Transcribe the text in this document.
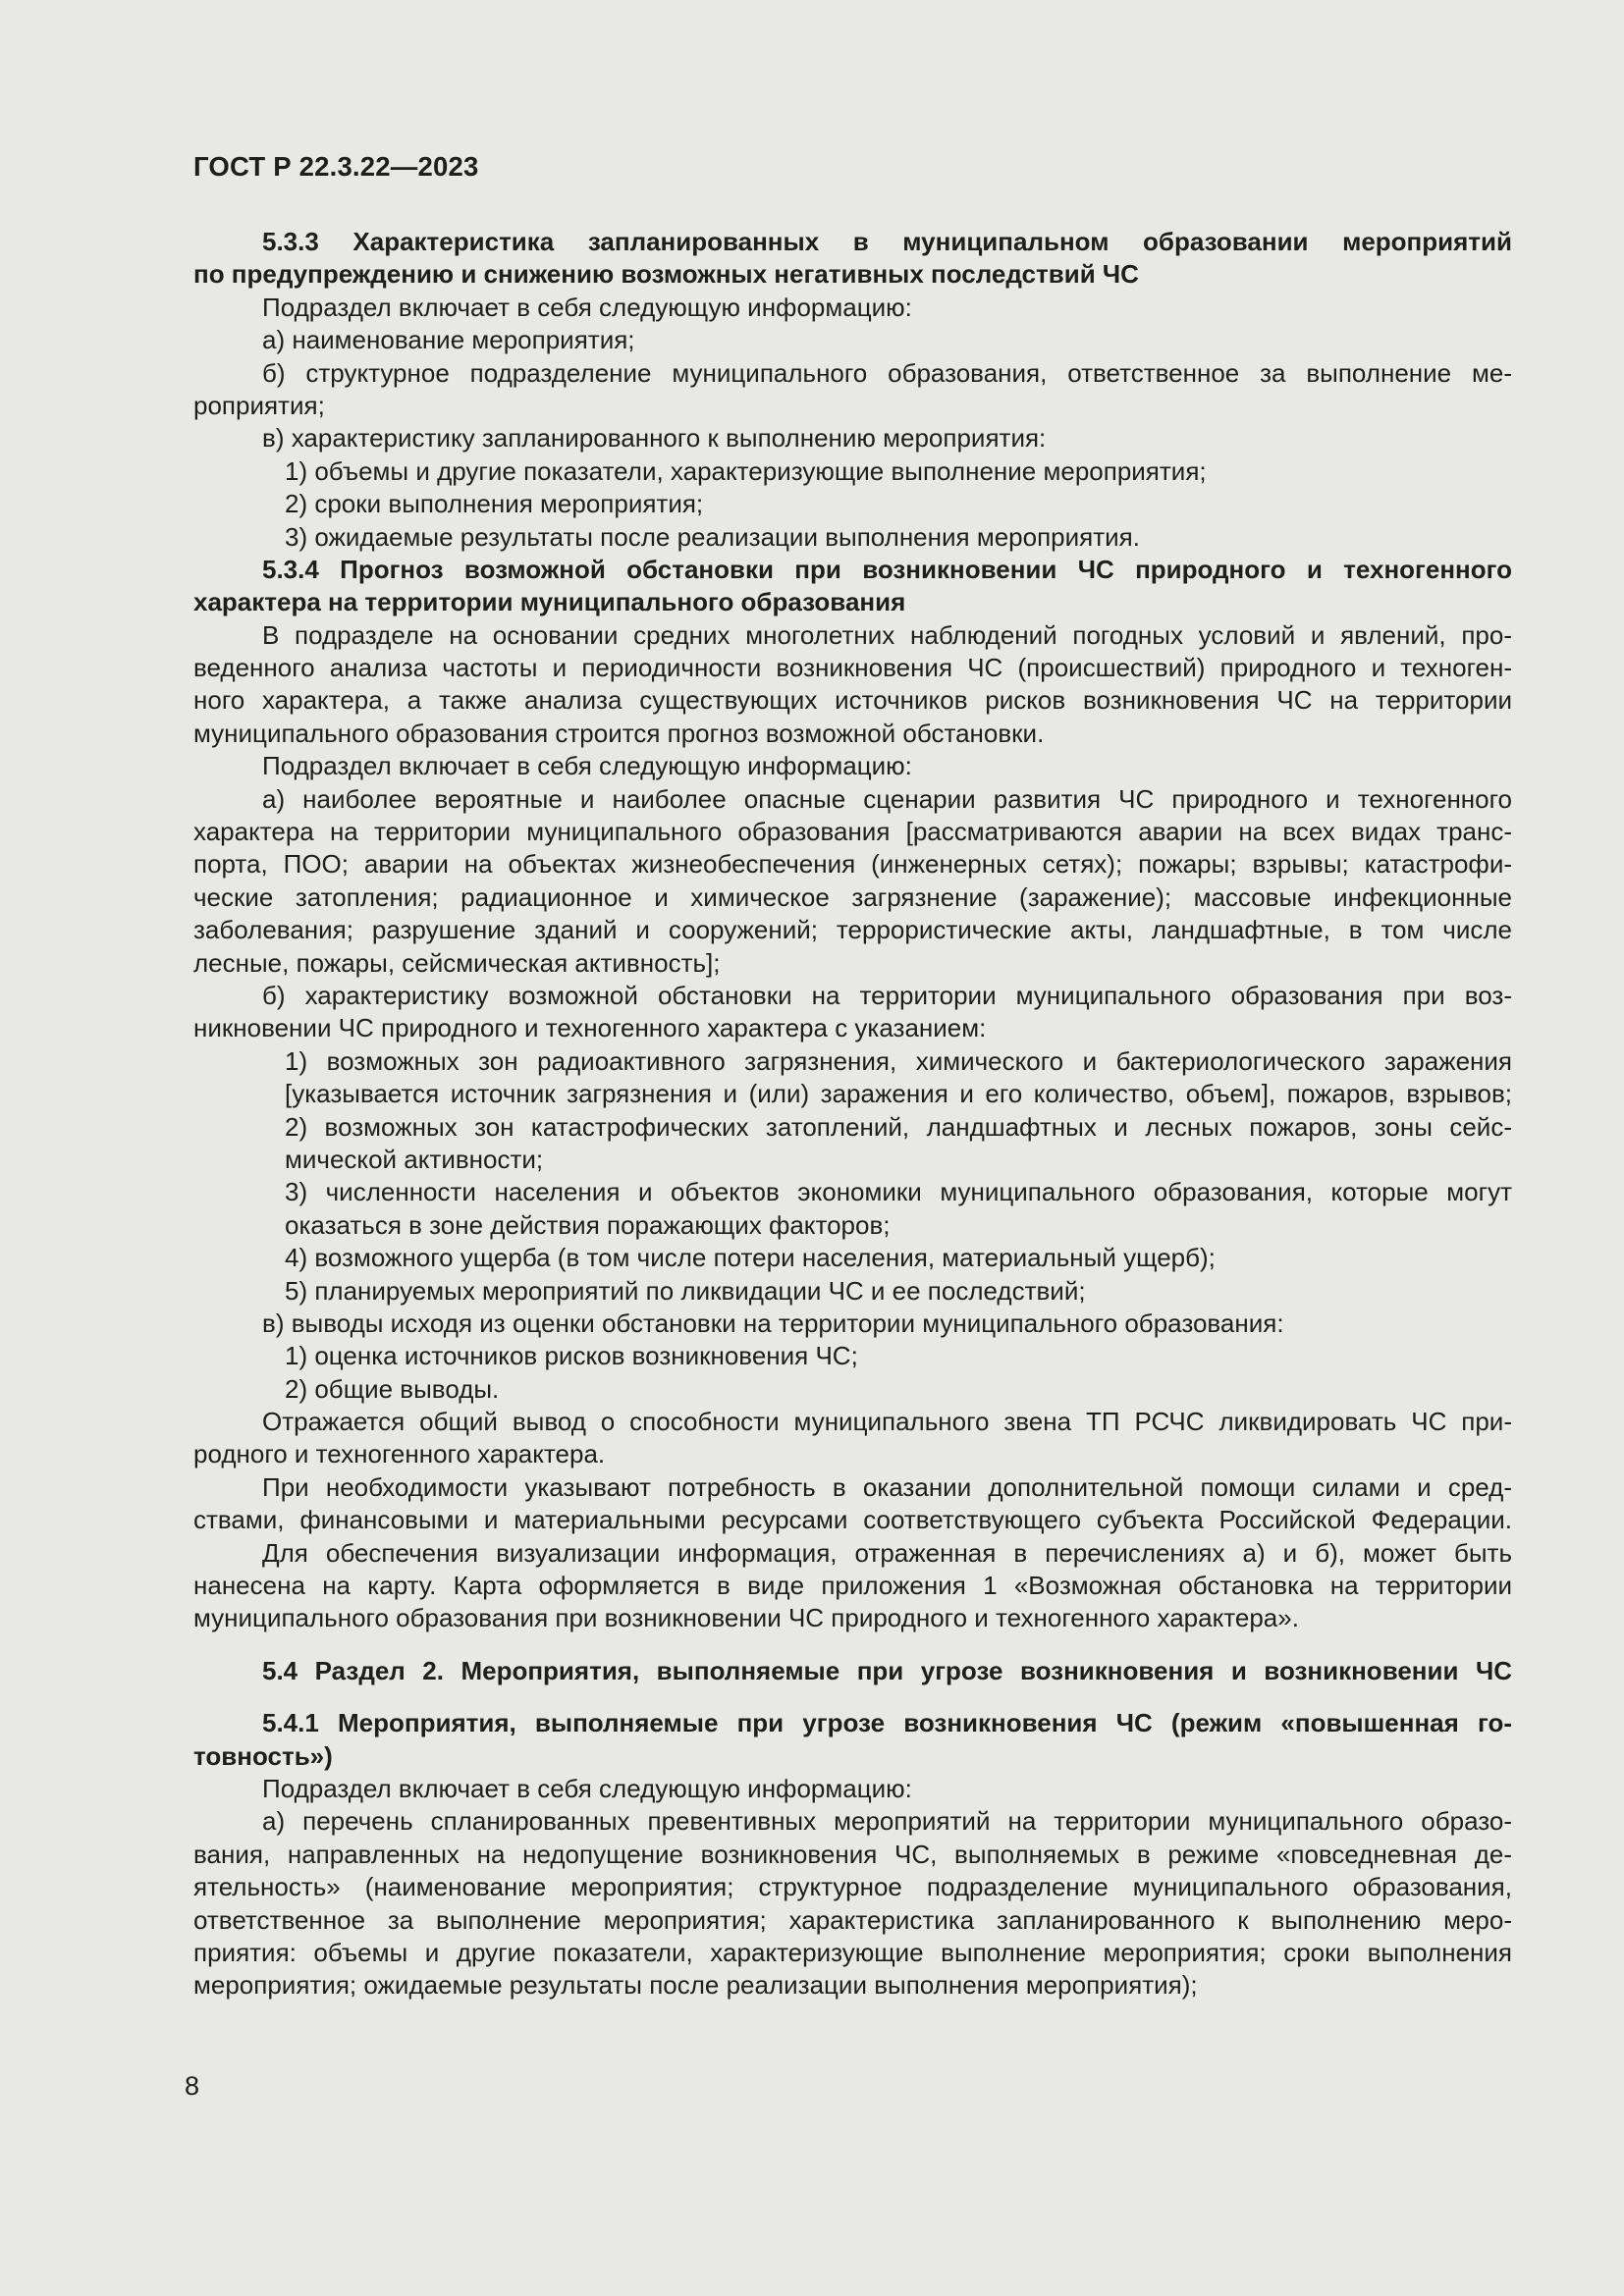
ГОСТ Р 22.3.22—2023
5.3.3 Характеристика запланированных в муниципальном образовании мероприятий
по предупреждению и снижению возможных негативных последствий ЧС
Подраздел включает в себя следующую информацию:
а) наименование мероприятия;
б) структурное подразделение муниципального образования, ответственное за выполнение ме-
роприятия;
в) характеристику запланированного к выполнению мероприятия:
1) объемы и другие показатели, характеризующие выполнение мероприятия;
2) сроки выполнения мероприятия;
3) ожидаемые результаты после реализации выполнения мероприятия.
5.3.4 Прогноз возможной обстановки при возникновении ЧС природного и техногенного
характера на территории муниципального образования
В подразделе на основании средних многолетних наблюдений погодных условий и явлений, про-
веденного анализа частоты и периодичности возникновения ЧС (происшествий) природного и техноген-
ного характера, а также анализа существующих источников рисков возникновения ЧС на территории
муниципального образования строится прогноз возможной обстановки.
Подраздел включает в себя следующую информацию:
а) наиболее вероятные и наиболее опасные сценарии развития ЧС природного и техногенного
характера на территории муниципального образования [рассматриваются аварии на всех видах транс-
порта, ПОО; аварии на объектах жизнеобеспечения (инженерных сетях); пожары; взрывы; катастрофи-
ческие затопления; радиационное и химическое загрязнение (заражение); массовые инфекционные
заболевания; разрушение зданий и сооружений; террористические акты, ландшафтные, в том числе
лесные, пожары, сейсмическая активность];
б) характеристику возможной обстановки на территории муниципального образования при воз-
никновении ЧС природного и техногенного характера с указанием:
1) возможных зон радиоактивного загрязнения, химического и бактериологического заражения
[указывается источник загрязнения и (или) заражения и его количество, объем], пожаров, взрывов;
2) возможных зон катастрофических затоплений, ландшафтных и лесных пожаров, зоны сейс-
мической активности;
3) численности населения и объектов экономики муниципального образования, которые могут
оказаться в зоне действия поражающих факторов;
4) возможного ущерба (в том числе потери населения, материальный ущерб);
5) планируемых мероприятий по ликвидации ЧС и ее последствий;
в) выводы исходя из оценки обстановки на территории муниципального образования:
1) оценка источников рисков возникновения ЧС;
2) общие выводы.
Отражается общий вывод о способности муниципального звена ТП РСЧС ликвидировать ЧС при-
родного и техногенного характера.
При необходимости указывают потребность в оказании дополнительной помощи силами и сред-
ствами, финансовыми и материальными ресурсами соответствующего субъекта Российской Федерации.
Для обеспечения визуализации информация, отраженная в перечислениях а) и б), может быть
нанесена на карту. Карта оформляется в виде приложения 1 «Возможная обстановка на территории
муниципального образования при возникновении ЧС природного и техногенного характера».
5.4 Раздел 2. Мероприятия, выполняемые при угрозе возникновения и возникновении ЧС
5.4.1 Мероприятия, выполняемые при угрозе возникновения ЧС (режим «повышенная го-
товность»)
Подраздел включает в себя следующую информацию:
а) перечень спланированных превентивных мероприятий на территории муниципального образо-
вания, направленных на недопущение возникновения ЧС, выполняемых в режиме «повседневная де-
ятельность» (наименование мероприятия; структурное подразделение муниципального образования,
ответственное за выполнение мероприятия; характеристика запланированного к выполнению меро-
приятия: объемы и другие показатели, характеризующие выполнение мероприятия; сроки выполнения
мероприятия; ожидаемые результаты после реализации выполнения мероприятия);
8
